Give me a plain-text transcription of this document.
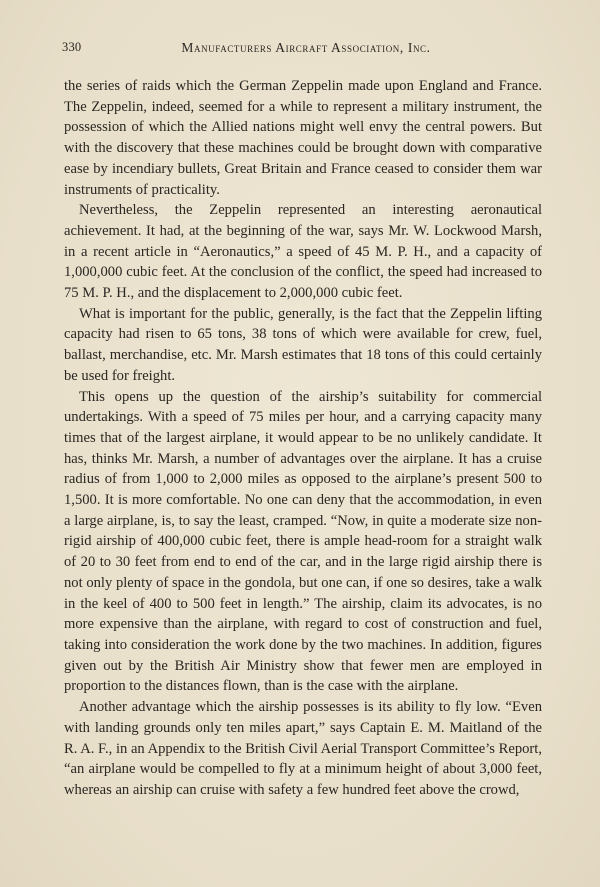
330	Manufacturers Aircraft Association, Inc.

the series of raids which the German Zeppelin made upon England and France. The Zeppelin, indeed, seemed for a while to represent a military instrument, the possession of which the Allied nations might well envy the central powers. But with the discovery that these machines could be brought down with comparative ease by incendiary bullets, Great Britain and France ceased to consider them war instruments of practicality.

Nevertheless, the Zeppelin represented an interesting aeronautical achievement. It had, at the beginning of the war, says Mr. W. Lockwood Marsh, in a recent article in “Aeronautics,” a speed of 45 M. P. H., and a capacity of 1,000,000 cubic feet. At the conclusion of the conflict, the speed had increased to 75 M. P. H., and the displacement to 2,000,000 cubic feet.

What is important for the public, generally, is the fact that the Zeppelin lifting capacity had risen to 65 tons, 38 tons of which were available for crew, fuel, ballast, merchandise, etc. Mr. Marsh estimates that 18 tons of this could certainly be used for freight.

This opens up the question of the airship’s suitability for commercial undertakings. With a speed of 75 miles per hour, and a carrying capacity many times that of the largest airplane, it would appear to be no unlikely candidate. It has, thinks Mr. Marsh, a number of advantages over the airplane. It has a cruise radius of from 1,000 to 2,000 miles as opposed to the airplane’s present 500 to 1,500. It is more comfortable. No one can deny that the accommodation, in even a large airplane, is, to say the least, cramped. “Now, in quite a moderate size non-rigid airship of 400,000 cubic feet, there is ample head-room for a straight walk of 20 to 30 feet from end to end of the car, and in the large rigid airship there is not only plenty of space in the gondola, but one can, if one so desires, take a walk in the keel of 400 to 500 feet in length.” The airship, claim its advocates, is no more expensive than the airplane, with regard to cost of construction and fuel, taking into consideration the work done by the two machines. In addition, figures given out by the British Air Ministry show that fewer men are employed in proportion to the distances flown, than is the case with the airplane.

Another advantage which the airship possesses is its ability to fly low. “Even with landing grounds only ten miles apart,” says Captain E. M. Maitland of the R. A. F., in an Appendix to the British Civil Aerial Transport Committee’s Report, “an airplane would be compelled to fly at a minimum height of about 3,000 feet, whereas an airship can cruise with safety a few hundred feet above the crowd,
